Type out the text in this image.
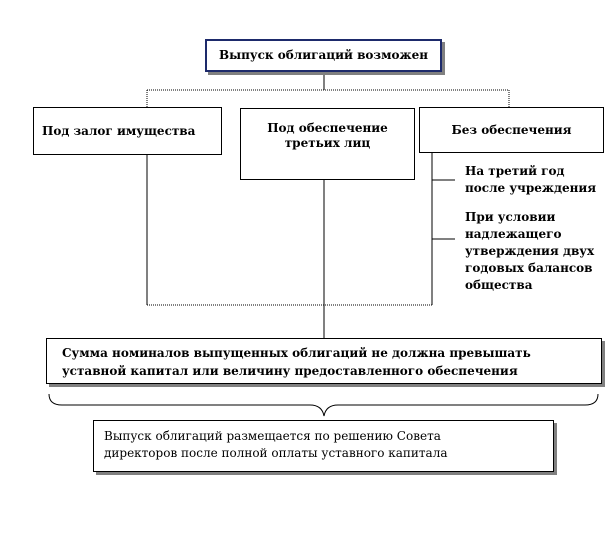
Выпуск облигаций возможен
Под залог имущества	Под обеспечение
третьих лиц
Без обеспечения
На третий год
после учреждения
При условии
надлежащего
утверждения двух
годовых балансов
общества
Сумма номиналов выпущенных облигаций не должна превышать
уставной капитал или величину предоставленного обеспечения
Выпуск облигаций размещается по решению Совета
директоров после полной оплаты уставного капитала
